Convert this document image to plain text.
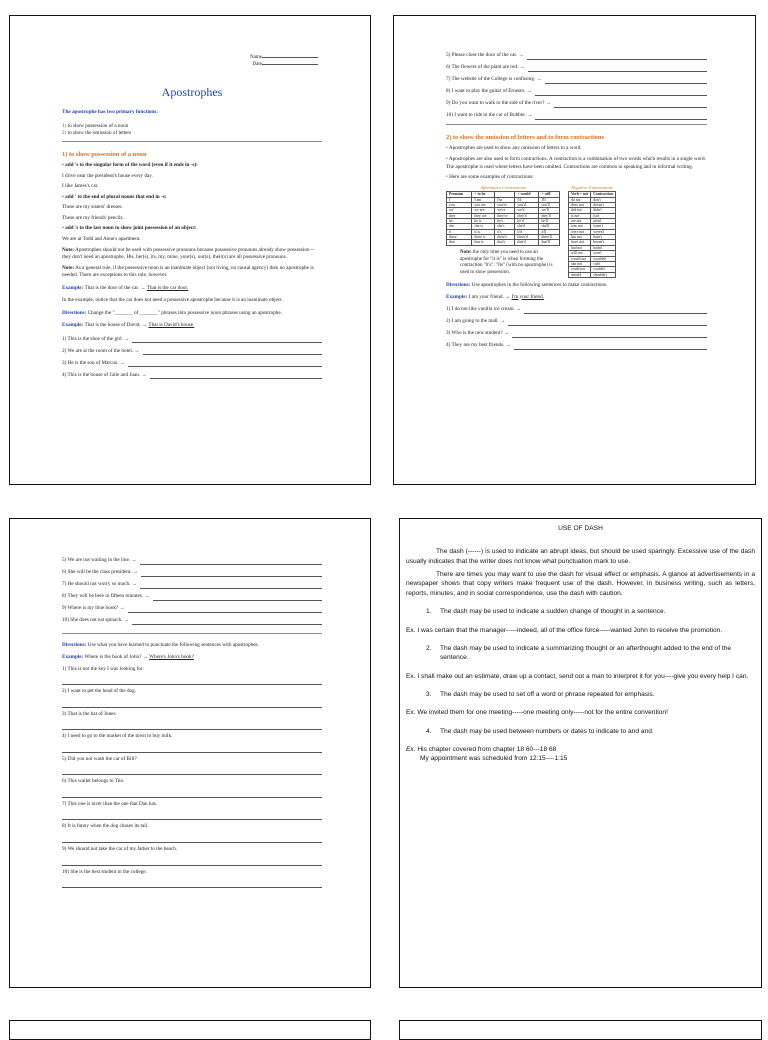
Name
Date
Apostrophes

The apostrophe has two primary functions:

1) to show possession of a noun
2) to show the omission of letters

1) to show possession of a noun

• add 's to the singular form of the word (even if it ends in -s):

I drive near the president's house every day.

I like James's car.

• add ' to the end of plural nouns that end in -s:

These are my sisters' dresses.

These are my friends' pencils.

• add 's to the last noun to show joint possession of an object:

We are at Todd and Anne's apartment.

Note: Apostrophes should not be used with possessive pronouns because possessive pronouns already show possession -- they don't need an apostrophe. His, her(s), its, my, mine, your(s), our(s), their(s) are all possessive pronouns.

Note: As a general rule, if the possessive noun is an inanimate object (not living, no causal agency) then no apostrophe is needed. There are exceptions to this rule, however.

Example: That is the door of the car. → That is the car door.

In the example, notice that the car does not need a possessive apostrophe because it is an inanimate object.

Directions: Change the "_______ of _______" phrases into possessive noun phrases using an apostrophe.

Example: That is the house of David. → That is David's house.

1) This is the shoe of the girl. →
2) We are at the room of the hotel. →
3) He is the son of Marcus. →
4) This is the house of Julie and Juan. →
5) Please close the door of the car. →
6) The flowers of the plant are red. →
7) The website of the College is confusing. →
8) I want to play the guitar of Ernesto. →
9) Do you want to walk to the side of the river? →
10) I want to ride in the car of Bobbie. →

2) to show the omission of letters and to form contractions

• Apostrophes are used to show any omission of letters in a word.

• Apostrophes are also used to form contractions. A contraction is a combination of two words which results in a single word. The apostrophe is used where letters have been omitted. Contractions are common in speaking and in informal writing.

• Here are some examples of contractions:

Affirmative Contractions
Pronoun	+ to be		+ would	+ will
I	I am	I'm	I'd	I'll
you	you are	you're	you'd	you'll
we	we are	we're	we'd	we'll
they	they are	they're	they'd	they'll
he	he is	he's	he'd	he'll
she	she is	she's	she'd	she'll
it	it is	it's	it'd	it'll
there	there is	there's	there'd	there'll
that	that is	that's	that'd	that'll
Note: the only time you need to use an apostrophe for "it is" is when forming the contraction "it's". "Its" (with no apostrophe) is used to show possession.
Negative Contractions
Verb + not	Contraction
do not	don't
does not	doesn't
did not	didn't
is not	isn't
are not	aren't
was not	wasn't
were not	weren't
has not	hasn't
have not	haven't
had not	hadn't
will not	won't
would not	wouldn't
can not	can't
could not	couldn't
should	shouldn't

Directions: Use apostrophes in the following sentences to make contractions.

Example: I am your friend. → I'm your friend.

1) I do not like vanilla ice cream. →
2) I am going to the mall. →
3) Who is the new student? →
4) They are my best friends. →
5) We are not waiting in the line. →
6) She will be the class president. →
7) He should not worry so much. →
8) They will be here in fifteen minutes. →
9) Where is my blue book? →
10) She does not eat spinach. →

Directions: Use what you have learned to punctuate the following sentences with apostrophes.

Example: Where is the book of John? → Where's John's book?

1) This is not the key I was looking for.
2) I want to pet the head of the dog.
3) That is the hat of Jones.
4) I need to go to the market of the town to buy milk.
5) Did you not wash the car of Bill?
6) This wallet belongs to Tito.
7) This one is nicer than the one that Dan has.
8) It is funny when the dog chases its tail.
9) We should not take the car of my father to the beach.
10) She is the best student in the college.
USE OF DASH

The dash (------) is used to indicate an abrupt ideas, but should be used sparingly. Excessive use of the dash usually indicates that the writer does not know what punctuation mark to use.

There are times you may want to use the dash for visual effect or emphasis. A glance at advertisements in a newspaper shows that copy writers make frequent use of the dash. However, in business writing, such as letters, reports, minutes, and in social correspondence, use the dash with caution.

1.	The dash may be used to indicate a sudden change of thought in a sentence.

Ex. I was certain that the manager-----indeed, all of the office force-----wanted John to receive the promotion.

2.	The dash may be used to indicate a summarizing thought or an afterthought added to the end of the sentence.

Ex. I shall make out an estimate, draw up a contact, send out a man to interpret it for you----give you every help I can.

3.	The dash may be used to set off a word or phrase repeated for emphasis.

Ex. We invited them for one meeting-----one meeting only-----not for the entire convention!

4.	The dash may be used between numbers or dates to indicate to and and.

Ex. His chapter covered from chapter 18 60---18 68

My appointment was scheduled from 12:15----1:15
